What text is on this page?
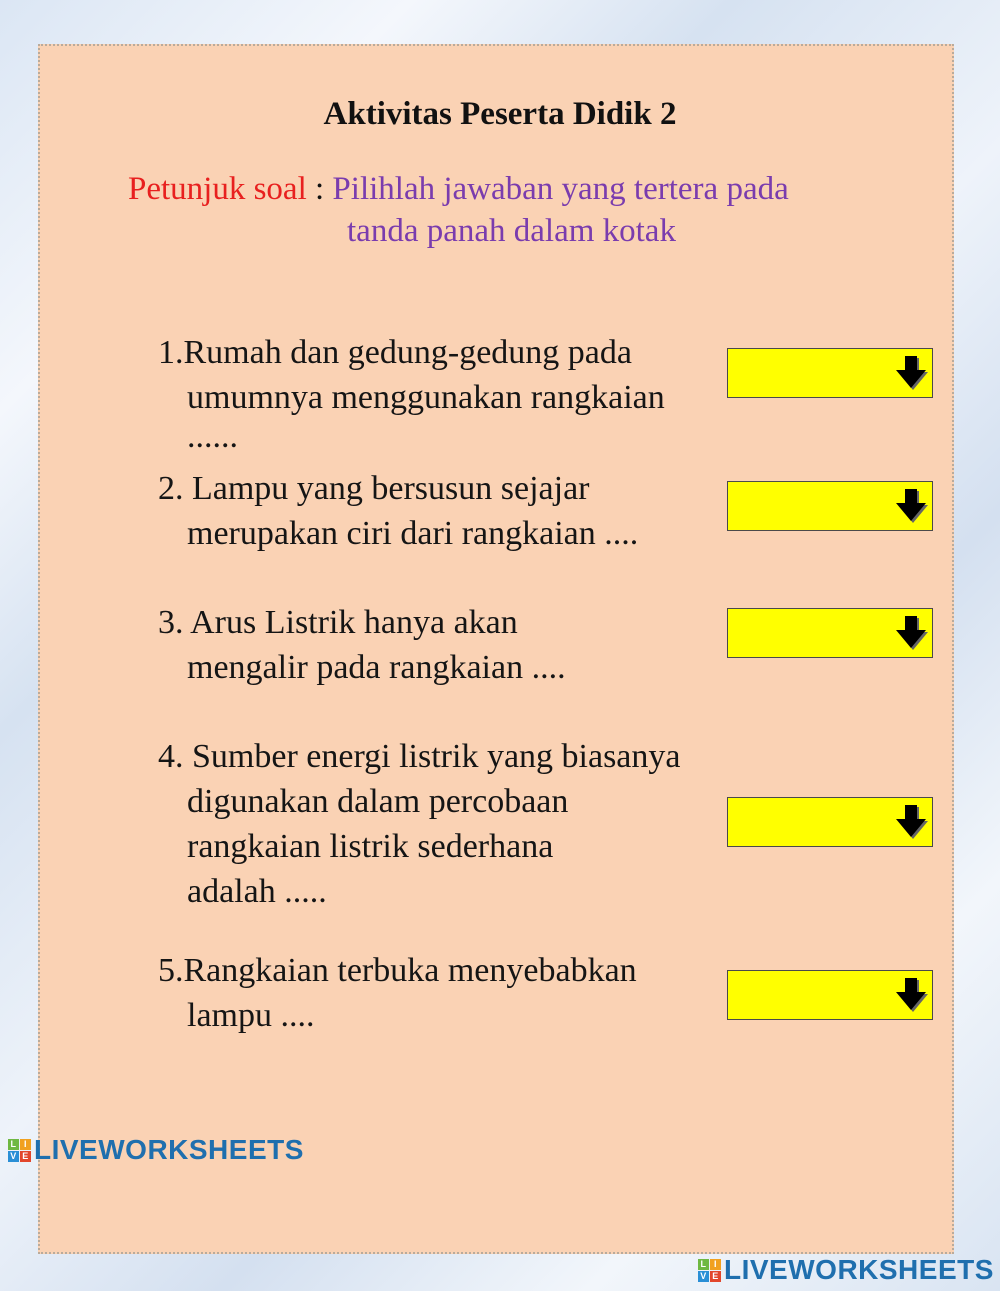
Aktivitas Peserta Didik 2
Petunjuk soal : Pilihlah jawaban yang tertera pada
tanda panah dalam kotak
1.Rumah dan gedung-gedung pada
umumnya menggunakan rangkaian
......
2. Lampu yang bersusun sejajar
merupakan ciri dari rangkaian ....
3. Arus Listrik hanya akan
mengalir pada rangkaian ....
4. Sumber energi listrik yang biasanya
digunakan dalam percobaan
rangkaian listrik sederhana
adalah .....
5.Rangkaian terbuka menyebabkan
lampu ....
L I
V E LIVEWORKSHEETS
L I
V E LIVEWORKSHEETS
